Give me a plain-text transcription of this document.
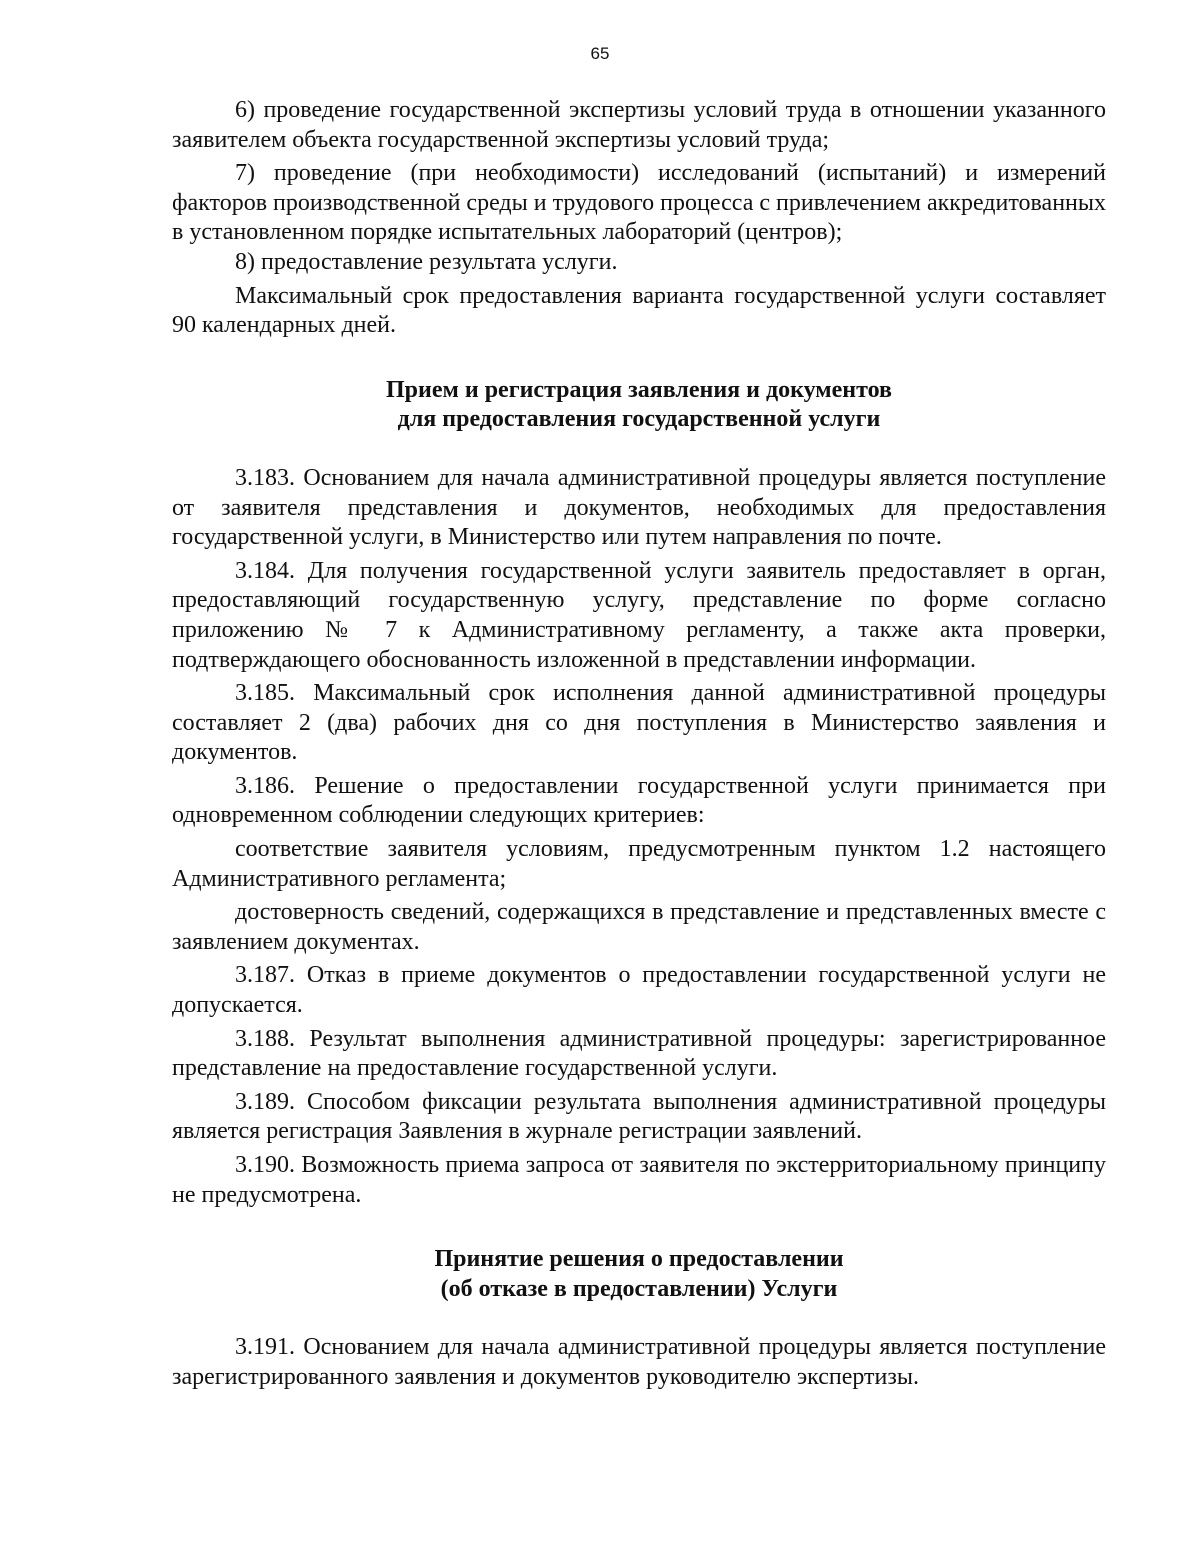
65

6) проведение государственной экспертизы условий труда в отношении указанного заявителем объекта государственной экспертизы условий труда;

7) проведение (при необходимости) исследований (испытаний) и измерений факторов производственной среды и трудового процесса с привлечением аккредитованных в установленном порядке испытательных лабораторий (центров);

8) предоставление результата услуги.

Максимальный срок предоставления варианта государственной услуги составляет 90 календарных дней.

Прием и регистрация заявления и документов

для предоставления государственной услуги

3.183. Основанием для начала административной процедуры является поступление от заявителя представления и документов, необходимых для предоставления государственной услуги, в Министерство или путем направления по почте.

3.184. Для получения государственной услуги заявитель предоставляет в орган, предоставляющий государственную услугу, представление по форме согласно приложению № 7 к Административному регламенту, а также акта проверки, подтверждающего обоснованность изложенной в представлении информации.

3.185. Максимальный срок исполнения данной административной процедуры составляет 2 (два) рабочих дня со дня поступления в Министерство заявления и документов.

3.186. Решение о предоставлении государственной услуги принимается при одновременном соблюдении следующих критериев:

соответствие заявителя условиям, предусмотренным пунктом 1.2 настоящего Административного регламента;

достоверность сведений, содержащихся в представление и представленных вместе с заявлением документах.

3.187. Отказ в приеме документов о предоставлении государственной услуги не допускается.

3.188. Результат выполнения административной процедуры: зарегистрированное представление на предоставление государственной услуги.

3.189. Способом фиксации результата выполнения административной процедуры является регистрация Заявления в журнале регистрации заявлений.

3.190. Возможность приема запроса от заявителя по экстерриториальному принципу не предусмотрена.

Принятие решения о предоставлении

(об отказе в предоставлении) Услуги

3.191. Основанием для начала административной процедуры является поступление зарегистрированного заявления и документов руководителю экспертизы.
